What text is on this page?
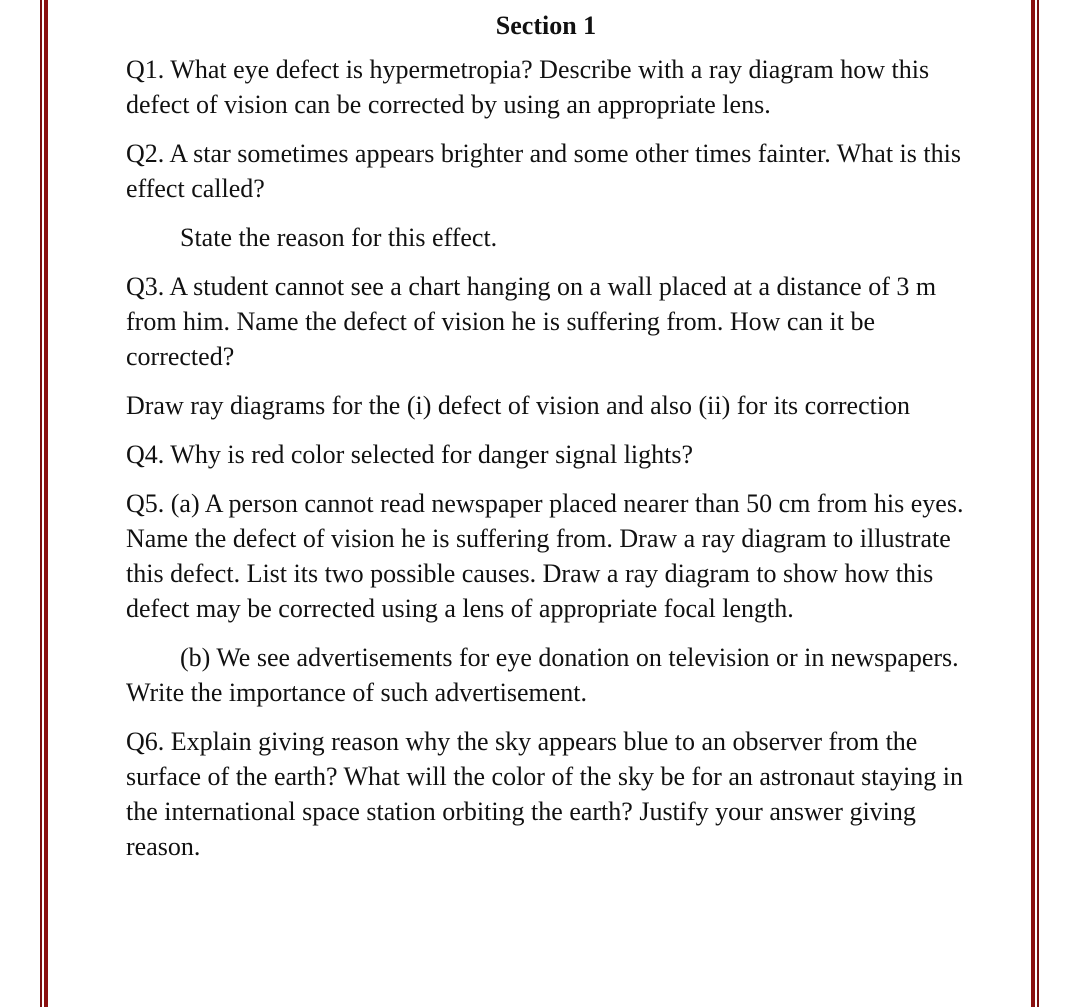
Section 1

Q1. What eye defect is hypermetropia? Describe with a ray diagram how this defect of vision can be corrected by using an appropriate lens.

Q2. A star sometimes appears brighter and some other times fainter. What is this effect called?

State the reason for this effect.

Q3. A student cannot see a chart hanging on a wall placed at a distance of 3 m from him. Name the defect of vision he is suffering from. How can it be corrected?

Draw ray diagrams for the (i) defect of vision and also (ii) for its correction

Q4. Why is red color selected for danger signal lights?

Q5. (a) A person cannot read newspaper placed nearer than 50 cm from his eyes. Name the defect of vision he is suffering from. Draw a ray diagram to illustrate this defect. List its two possible causes. Draw a ray diagram to show how this defect may be corrected using a lens of appropriate focal length.

(b) We see advertisements for eye donation on television or in newspapers. Write the importance of such advertisement.

Q6. Explain giving reason why the sky appears blue to an observer from the surface of the earth? What will the color of the sky be for an astronaut staying in the international space station orbiting the earth? Justify your answer giving reason.
